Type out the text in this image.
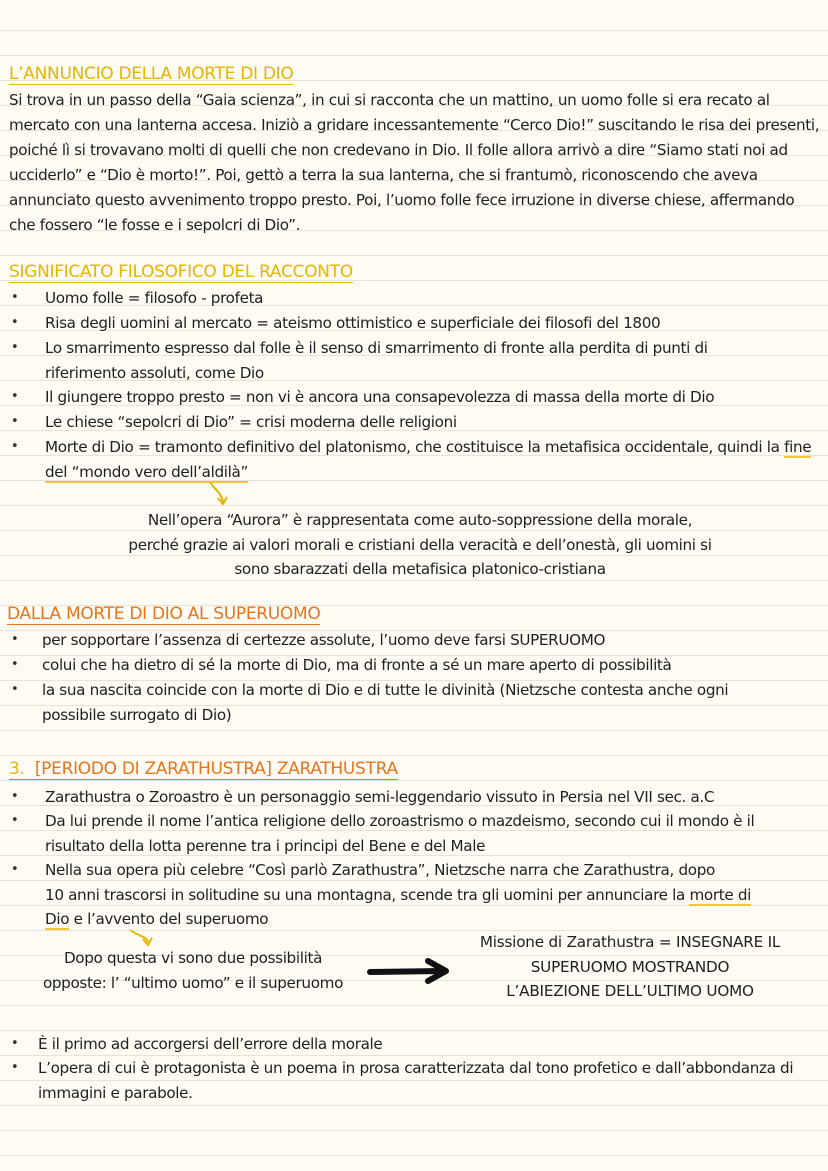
L’ANNUNCIO DELLA MORTE DI DIO
Si trova in un passo della “Gaia scienza”, in cui si racconta che un mattino, un uomo folle si era recato al mercato con una lanterna accesa. Iniziò a gridare incessantemente “Cerco Dio!” suscitando le risa dei presenti, poiché lì si trovavano molti di quelli che non credevano in Dio. Il folle allora arrivò a dire “Siamo stati noi ad ucciderlo” e “Dio è morto!”. Poi, gettò a terra la sua lanterna, che si frantumò, riconoscendo che aveva annunciato questo avvenimento troppo presto. Poi, l’uomo folle fece irruzione in diverse chiese, affermando che fossero “le fosse e i sepolcri di Dio”.
SIGNIFICATO FILOSOFICO DEL RACCONTO
• Uomo folle = filosofo - profeta
• Risa degli uomini al mercato = ateismo ottimistico e superficiale dei filosofi del 1800
• Lo smarrimento espresso dal folle è il senso di smarrimento di fronte alla perdita di punti di riferimento assoluti, come Dio
• Il giungere troppo presto = non vi è ancora una consapevolezza di massa della morte di Dio
• Le chiese “sepolcri di Dio” = crisi moderna delle religioni
• Morte di Dio = tramonto definitivo del platonismo, che costituisce la metafisica occidentale, quindi la fine del “mondo vero dell’aldilà”
Nell’opera “Aurora” è rappresentata come auto-soppressione della morale,
perché grazie ai valori morali e cristiani della veracità e dell’onestà, gli uomini si
sono sbarazzati della metafisica platonico-cristiana
DALLA MORTE DI DIO AL SUPERUOMO
• per sopportare l’assenza di certezze assolute, l’uomo deve farsi SUPERUOMO
• colui che ha dietro di sé la morte di Dio, ma di fronte a sé un mare aperto di possibilità
• la sua nascita coincide con la morte di Dio e di tutte le divinità (Nietzsche contesta anche ogni possibile surrogato di Dio)
3. [PERIODO DI ZARATHUSTRA] ZARATHUSTRA
• Zarathustra o Zoroastro è un personaggio semi-leggendario vissuto in Persia nel VII sec. a.C
• Da lui prende il nome l’antica religione dello zoroastrismo o mazdeismo, secondo cui il mondo è il risultato della lotta perenne tra i principi del Bene e del Male
• Nella sua opera più celebre “Così parlò Zarathustra”, Nietzsche narra che Zarathustra, dopo
10 anni trascorsi in solitudine su una montagna, scende tra gli uomini per annunciare la morte di
Dio e l’avvento del superuomo
Dopo questa vi sono due possibilità
opposte: l’ “ultimo uomo” e il superuomo
Missione di Zarathustra = INSEGNARE IL
SUPERUOMO MOSTRANDO
L’ABIEZIONE DELL’ULTIMO UOMO
• È il primo ad accorgersi dell’errore della morale
• L’opera di cui è protagonista è un poema in prosa caratterizzata dal tono profetico e dall’abbondanza di immagini e parabole.
